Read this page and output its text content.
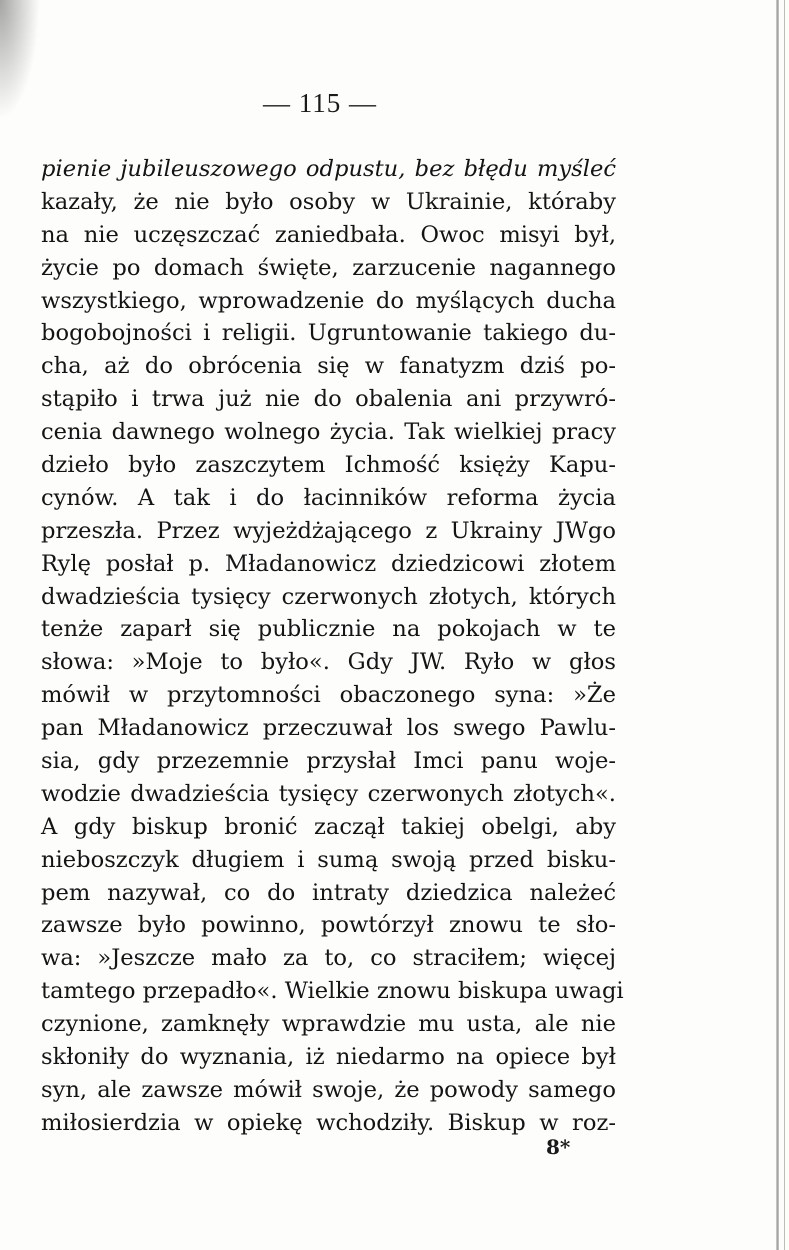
— 115 —
pienie jubileuszowego odpustu, bez błędu myśleć
kazały, że nie było osoby w Ukrainie, któraby
na nie uczęszczać zaniedbała. Owoc misyi był,
życie po domach święte, zarzucenie nagannego
wszystkiego, wprowadzenie do myślących ducha
bogobojności i religii. Ugruntowanie takiego du-
cha, aż do obrócenia się w fanatyzm dziś po-
stąpiło i trwa już nie do obalenia ani przywró-
cenia dawnego wolnego życia. Tak wielkiej pracy
dzieło było zaszczytem Ichmość księży Kapu-
cynów. A tak i do łacinników reforma życia
przeszła. Przez wyjeżdżającego z Ukrainy JWgo
Rylę posłał p. Mładanowicz dziedzicowi złotem
dwadzieścia tysięcy czerwonych złotych, których
tenże zaparł się publicznie na pokojach w te
słowa: »Moje to było«. Gdy JW. Ryło w głos
mówił w przytomności obaczonego syna: »Że
pan Mładanowicz przeczuwał los swego Pawlu-
sia, gdy przezemnie przysłał Imci panu woje-
wodzie dwadzieścia tysięcy czerwonych złotych«.
A gdy biskup bronić zaczął takiej obelgi, aby
nieboszczyk długiem i sumą swoją przed bisku-
pem nazywał, co do intraty dziedzica należeć
zawsze było powinno, powtórzył znowu te sło-
wa: »Jeszcze mało za to, co straciłem; więcej
tamtego przepadło«. Wielkie znowu biskupa uwagi
czynione, zamknęły wprawdzie mu usta, ale nie
skłoniły do wyznania, iż niedarmo na opiece był
syn, ale zawsze mówił swoje, że powody samego
miłosierdzia w opiekę wchodziły. Biskup w roz-
8*
